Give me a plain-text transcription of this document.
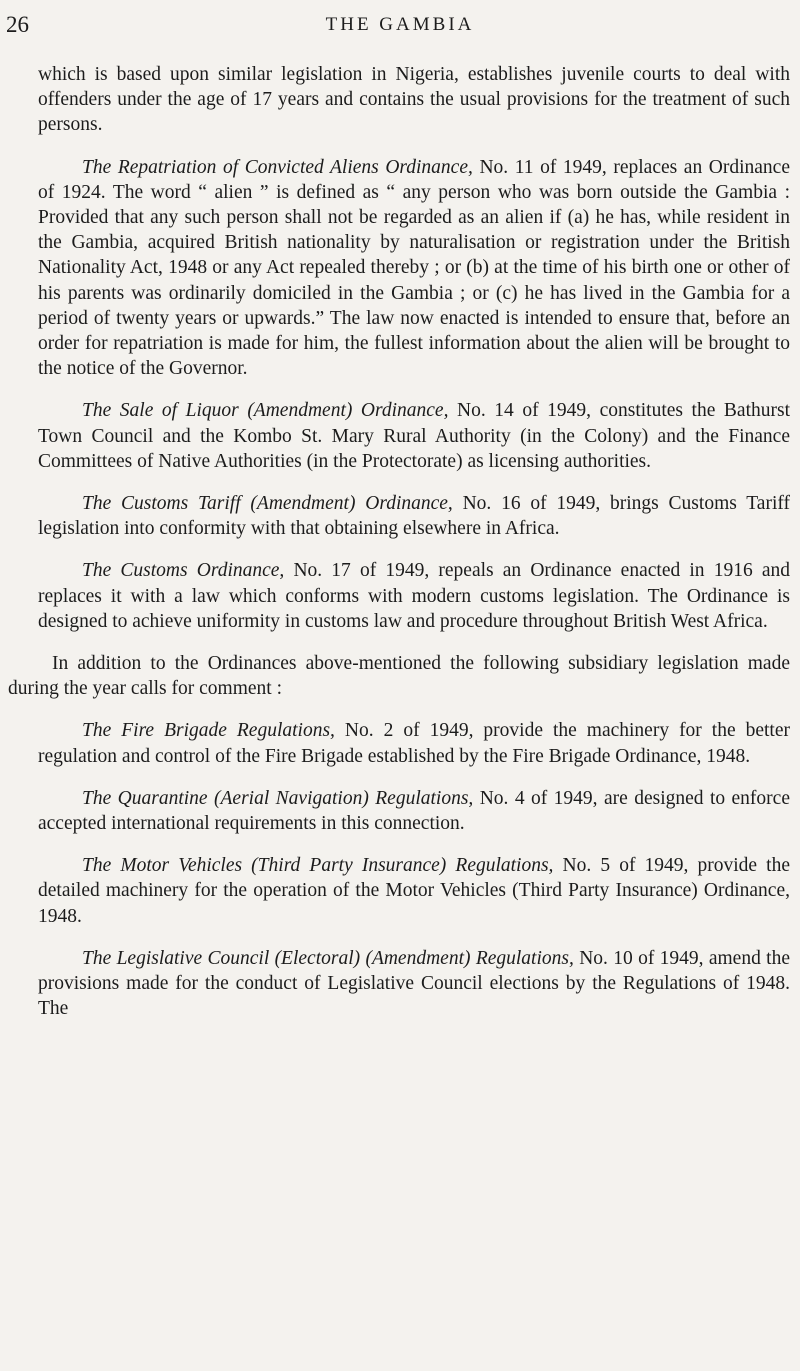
26	THE GAMBIA

which is based upon similar legislation in Nigeria, establishes juvenile courts to deal with offenders under the age of 17 years and contains the usual provisions for the treatment of such persons.

The Repatriation of Convicted Aliens Ordinance, No. 11 of 1949, replaces an Ordinance of 1924. The word “ alien ” is defined as “ any person who was born outside the Gambia : Provided that any such person shall not be regarded as an alien if (a) he has, while resident in the Gambia, acquired British nationality by naturalisation or registration under the British Nationality Act, 1948 or any Act repealed thereby ; or (b) at the time of his birth one or other of his parents was ordinarily domiciled in the Gambia ; or (c) he has lived in the Gambia for a period of twenty years or upwards.” The law now enacted is intended to ensure that, before an order for repatriation is made for him, the fullest information about the alien will be brought to the notice of the Governor.

The Sale of Liquor (Amendment) Ordinance, No. 14 of 1949, constitutes the Bathurst Town Council and the Kombo St. Mary Rural Authority (in the Colony) and the Finance Committees of Native Authorities (in the Protectorate) as licensing authorities.

The Customs Tariff (Amendment) Ordinance, No. 16 of 1949, brings Customs Tariff legislation into conformity with that obtaining elsewhere in Africa.

The Customs Ordinance, No. 17 of 1949, repeals an Ordinance enacted in 1916 and replaces it with a law which conforms with modern customs legislation. The Ordinance is designed to achieve uniformity in customs law and procedure throughout British West Africa.

In addition to the Ordinances above-mentioned the following subsidiary legislation made during the year calls for comment :

The Fire Brigade Regulations, No. 2 of 1949, provide the machinery for the better regulation and control of the Fire Brigade established by the Fire Brigade Ordinance, 1948.

The Quarantine (Aerial Navigation) Regulations, No. 4 of 1949, are designed to enforce accepted international requirements in this connection.

The Motor Vehicles (Third Party Insurance) Regulations, No. 5 of 1949, provide the detailed machinery for the operation of the Motor Vehicles (Third Party Insurance) Ordinance, 1948.

The Legislative Council (Electoral) (Amendment) Regulations, No. 10 of 1949, amend the provisions made for the conduct of Legislative Council elections by the Regulations of 1948. The
